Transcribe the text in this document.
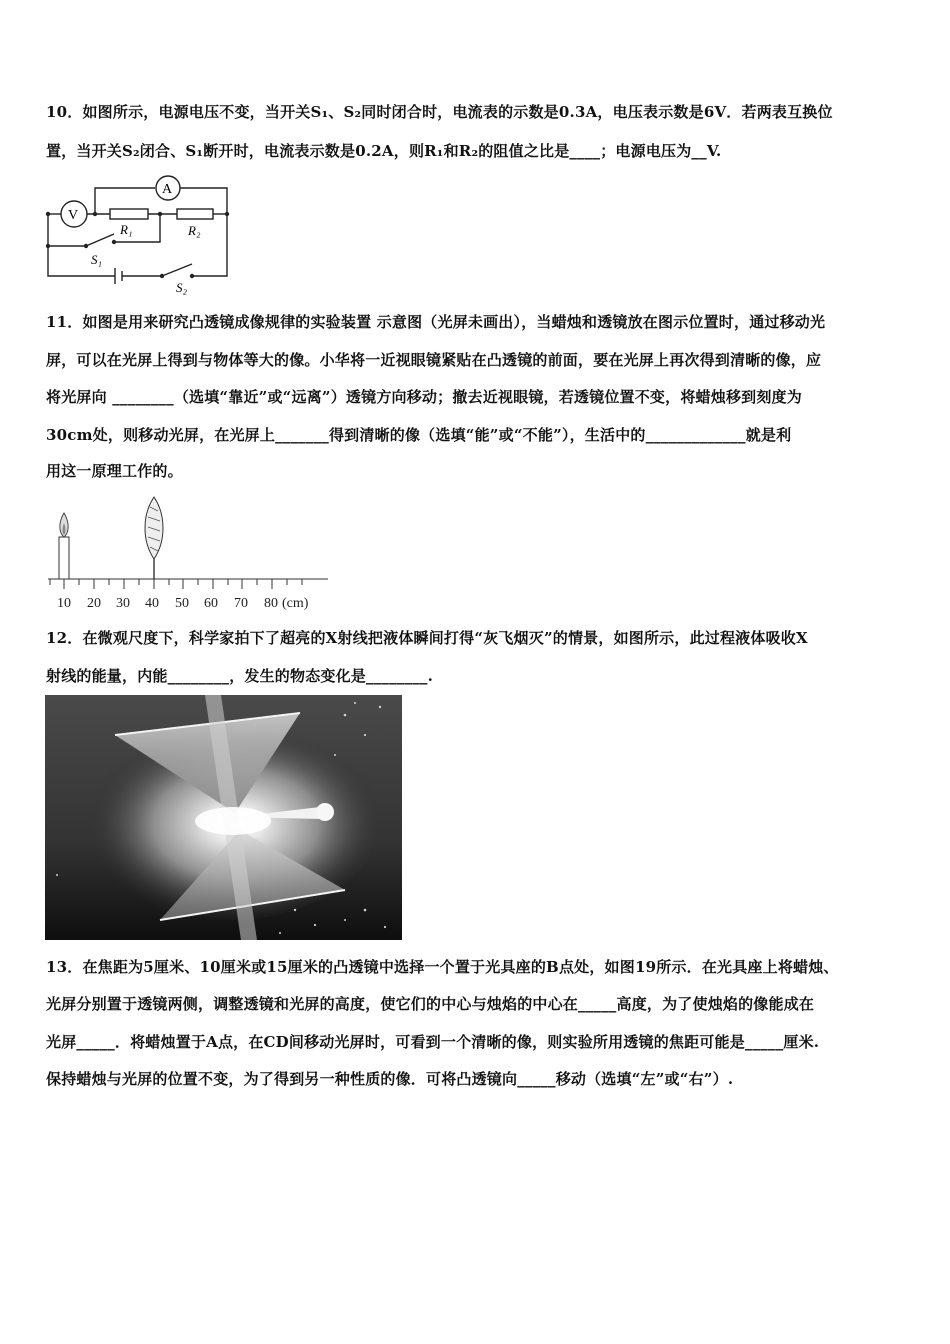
10．如图所示，电源电压不变，当开关S₁、S₂同时闭合时，电流表的示数是0.3A，电压表示数是6V．若两表互换位
置，当开关S₂闭合、S₁断开时，电流表示数是0.2A，则R₁和R₂的阻值之比是____；电源电压为__V.
A
V
R₁	R₂
S₁
S₂
11．如图是用来研究凸透镜成像规律的实验装置 示意图（光屏未画出），当蜡烛和透镜放在图示位置时，通过移动光
屏，可以在光屏上得到与物体等大的像。小华将一近视眼镜紧贴在凸透镜的前面，要在光屏上再次得到清晰的像，应
将光屏向 ________（选填“靠近”或“远离”）透镜方向移动；撤去近视眼镜，若透镜位置不变，将蜡烛移到刻度为
30cm处，则移动光屏，在光屏上_______得到清晰的像（选填“能”或“不能”），生活中的_____________就是利
用这一原理工作的。
10 20 30 40 50 60 70 80 (cm)
12．在微观尺度下，科学家拍下了超亮的X射线把液体瞬间打得“灰飞烟灭”的情景，如图所示，此过程液体吸收X
射线的能量，内能________，发生的物态变化是________.
13．在焦距为5厘米、10厘米或15厘米的凸透镜中选择一个置于光具座的B点处，如图19所示．在光具座上将蜡烛、
光屏分别置于透镜两侧，调整透镜和光屏的高度，使它们的中心与烛焰的中心在_____高度，为了使烛焰的像能成在
光屏_____．将蜡烛置于A点，在CD间移动光屏时，可看到一个清晰的像，则实验所用透镜的焦距可能是_____厘米.
保持蜡烛与光屏的位置不变，为了得到另一种性质的像．可将凸透镜向_____移动（选填“左”或“右”）.
